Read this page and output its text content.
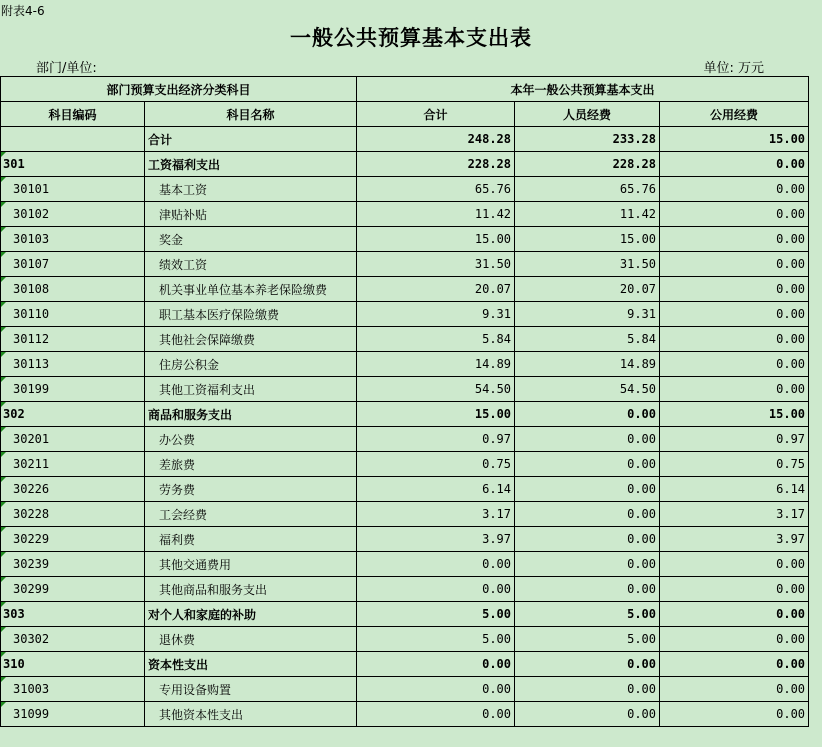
附表4-6
一般公共预算基本支出表
部门/单位:	单位: 万元
部门预算支出经济分类科目		本年一般公共预算基本支出		
科目编码	科目名称	合计	人员经费	公用经费
	合计	248.28	233.28	15.00

301	工资福利支出	228.28	228.28	0.00

30101	基本工资	65.76	65.76	0.00

30102	津贴补贴	11.42	11.42	0.00

30103	奖金	15.00	15.00	0.00

30107	绩效工资	31.50	31.50	0.00

30108	机关事业单位基本养老保险缴费	20.07	20.07	0.00

30110	职工基本医疗保险缴费	9.31	9.31	0.00

30112	其他社会保障缴费	5.84	5.84	0.00

30113	住房公积金	14.89	14.89	0.00

30199	其他工资福利支出	54.50	54.50	0.00

302	商品和服务支出	15.00	0.00	15.00

30201	办公费	0.97	0.00	0.97

30211	差旅费	0.75	0.00	0.75

30226	劳务费	6.14	0.00	6.14

30228	工会经费	3.17	0.00	3.17

30229	福利费	3.97	0.00	3.97

30239	其他交通费用	0.00	0.00	0.00

30299	其他商品和服务支出	0.00	0.00	0.00

303	对个人和家庭的补助	5.00	5.00	0.00

30302	退休费	5.00	5.00	0.00

310	资本性支出	0.00	0.00	0.00

31003	专用设备购置	0.00	0.00	0.00

31099	其他资本性支出	0.00	0.00	0.00
